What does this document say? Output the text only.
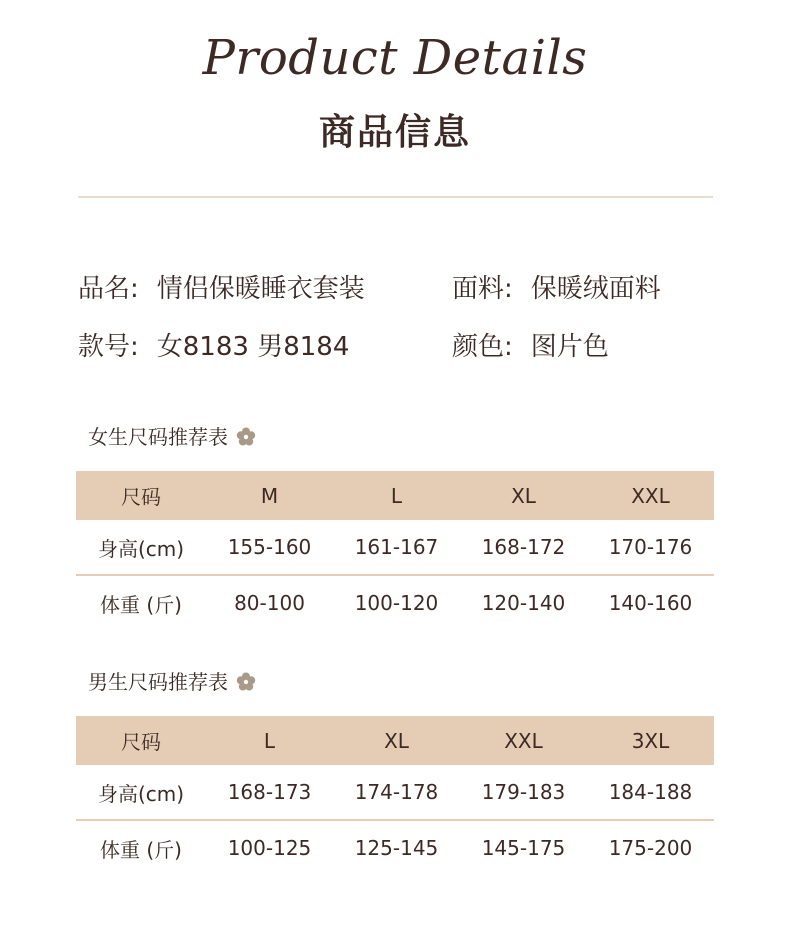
Product Details
商品信息
品名: 情侣保暖睡衣套装	面料: 保暖绒面料
款号: 女8183 男8184	颜色: 图片色
女生尺码推荐表
尺码	M	L	XL	XXL
身高(cm)	155-160	161-167	168-172	170-176
体重 (斤)	80-100	100-120	120-140	140-160
男生尺码推荐表
尺码	L	XL	XXL	3XL
身高(cm)	168-173	174-178	179-183	184-188
体重 (斤)	100-125	125-145	145-175	175-200
